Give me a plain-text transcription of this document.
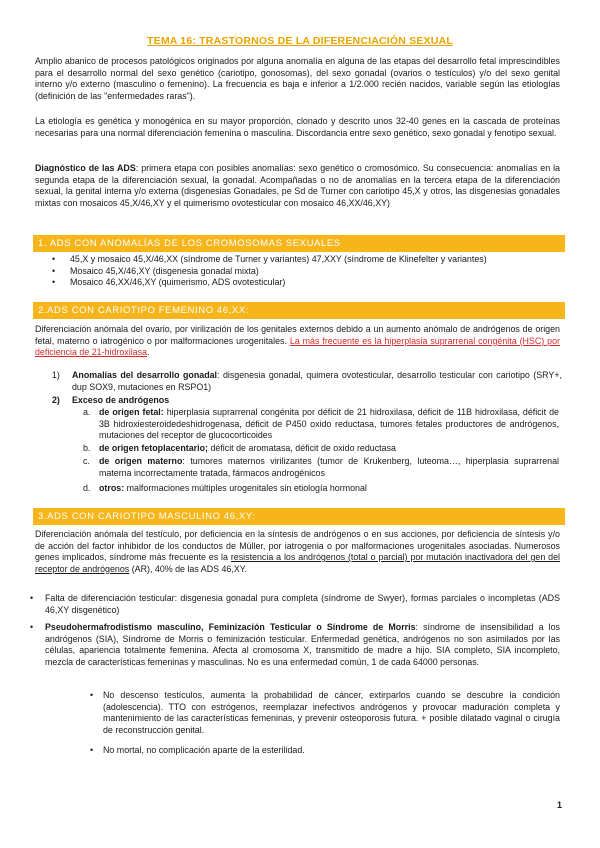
TEMA 16: TRASTORNOS DE LA DIFERENCIACIÓN SEXUAL

Amplio abanico de procesos patológicos originados por alguna anomalía en alguna de las etapas del desarrollo fetal imprescindibles para el desarrollo normal del sexo genético (cariotipo, gonosomas), del sexo gonadal (ovarios o testículos) y/o del sexo genital interno y/o externo (masculino o femenino). La frecuencia es baja e inferior a 1/2.000 recién nacidos, variable según las etiologías (definición de las "enfermedades raras").

La etiología es genética y monogénica en su mayor proporción, clonado y descrito unos 32-40 genes en la cascada de proteínas necesarias para una normal diferenciación femenina o masculina. Discordancia entre sexo genético, sexo gonadal y fenotipo sexual.

Diagnóstico de las ADS: primera etapa con posibles anomalías: sexo genético o cromosómico. Su consecuencia: anomalías en la segunda etapa de la diferenciación sexual, la gonadal. Acompañadas o no de anomalías en la tercera etapa de la diferenciación sexual, la genital interna y/o externa (disgenesias Gonadales, pe Sd de Turner con cariotipo 45,X y otros, las disgenesias gonadales mixtas con mosaicos 45,X/46,XY y el quimerismo ovotesticular con mosaico 46,XX/46,XY)

1. ADS CON ANOMALÍAS DE LOS CROMOSOMAS SEXUALES
• 45,X y mosaico 45,X/46,XX (síndrome de Turner y variantes) 47,XXY (síndrome de Klinefelter y variantes)
• Mosaico 45,X/46,XY (disgenesia gonadal mixta)
• Mosaico 46,XX/46,XY (quimerismo, ADS ovotesticular)
2.ADS CON CARIOTIPO FEMENINO 46,XX:

Diferenciación anómala del ovario, por virilización de los genitales externos debido a un aumento anómalo de andrógenos de origen fetal, materno o iatrogénico o por malformaciones urogenitales. La más frecuente es la hiperplasia suprarrenal congénita (HSC) por deficiencia de 21-hidroxilasa.

1) Anomalías del desarrollo gonadal: disgenesia gonadal, quimera ovotesticular, desarrollo testicular con cariotipo (SRY+, dup SOX9, mutaciones en RSPO1)
2) Exceso de andrógenos
a. de origen fetal: hiperplasia suprarrenal congénita por déficit de 21 hidroxilasa, déficit de 11B hidroxilasa, déficit de 3B hidroxiesteroidedeshidrogenasa, déficit de P450 oxido reductasa, tumores fetales productores de andrógenos, mutaciones del receptor de glucocorticoides
b. de origen fetoplacentario; déficit de aromatasa, déficit de oxido reductasa
c. de origen materno: tumores maternos virilizantes (tumor de Krukenberg, luteoma…, hiperplasia suprarrenal materna incorrectamente tratada, fármacos androgénicos
d. otros: malformaciones múltiples urogenitales sin etiología hormonal
3.ADS CON CARIOTIPO MASCULINO 46,XY:

Diferenciación anómala del testículo, por deficiencia en la síntesis de andrógenos o en sus acciones, por deficiencia de síntesis y/o de acción del factor inhibidor de los conductos de Müller, por iatrogenia o por malformaciones urogenitales asociadas. Numerosos genes implicados, síndrome más frecuente es la resistencia a los andrógenos (total o parcial) por mutación inactivadora del gen del receptor de andrógenos (AR), 40% de las ADS 46,XY.

• Falta de diferenciación testicular: disgenesia gonadal pura completa (síndrome de Swyer), formas parciales o incompletas (ADS 46,XY disgenético)
• Pseudohermafrodistismo masculino, Feminización Testicular o Síndrome de Morris: síndrome de insensibilidad a los andrógenos (SIA), Síndrome de Morris o feminización testicular. Enfermedad genética, andrógenos no son asimilados por las células, apariencia totalmente femenina. Afecta al cromosoma X, transmitido de madre a hijo. SIA completo, SIA incompleto, mezcla de características femeninas y masculinas. No es una enfermedad común, 1 de cada 64000 personas.
• No descenso testículos, aumenta la probabilidad de cáncer, extirparlos cuando se descubre la condición (adolescencia). TTO con estrógenos, reemplazar inefectivos andrógenos y provocar maduración completa y mantenimiento de las características femeninas, y prevenir osteoporosis futura. + posible dilatado vaginal o cirugía de reconstrucción genital.
• No mortal, no complicación aparte de la esterilidad.
1
